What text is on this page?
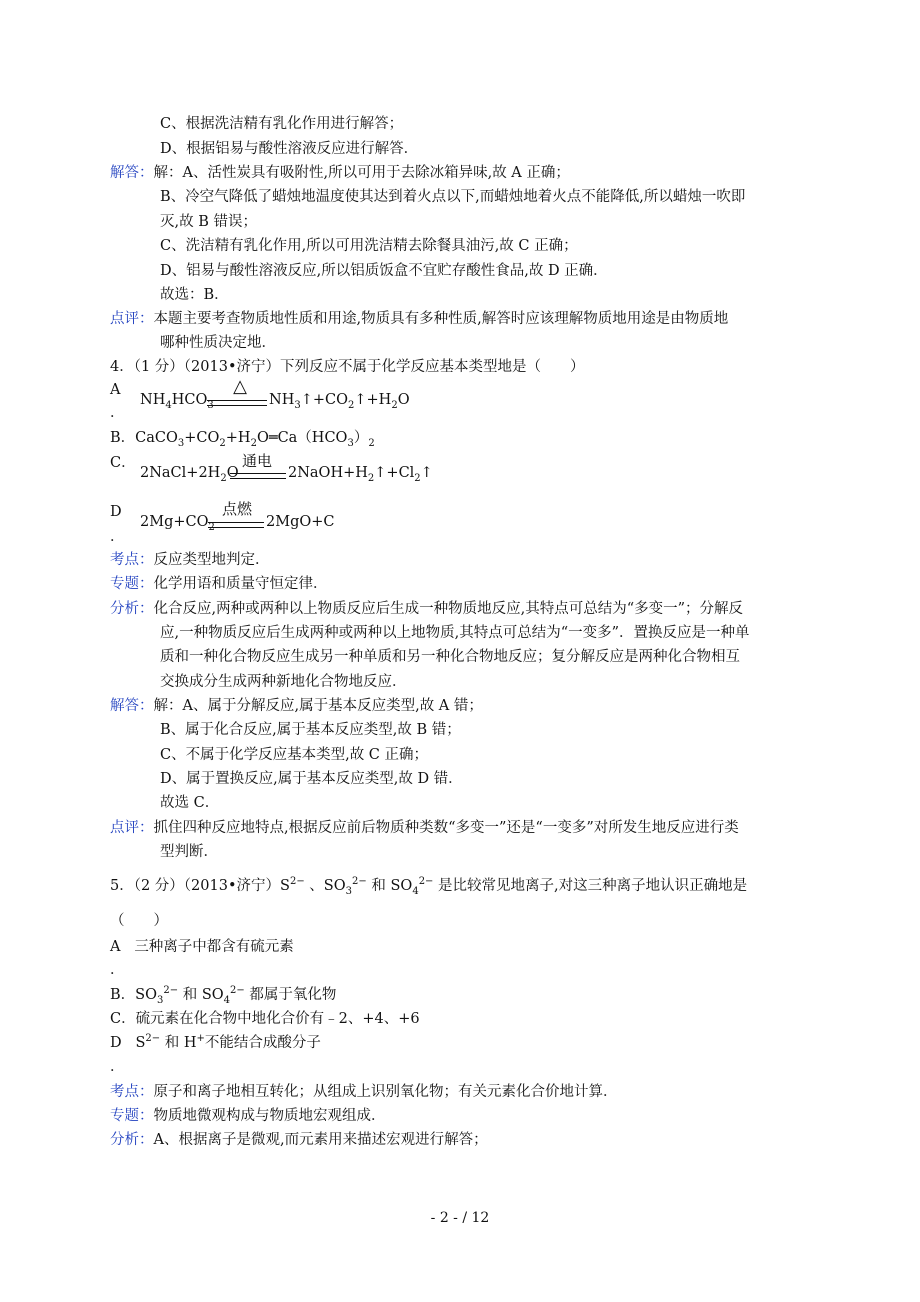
C、根据洗洁精有乳化作用进行解答；
D、根据铝易与酸性溶液反应进行解答．
解答：解：A、活性炭具有吸附性,所以可用于去除冰箱异味,故 A 正确；
B、冷空气降低了蜡烛地温度使其达到着火点以下,而蜡烛地着火点不能降低,所以蜡烛一吹即
灭,故 B 错误；
C、洗洁精有乳化作用,所以可用洗洁精去除餐具油污,故 C 正确；
D、铝易与酸性溶液反应,所以铝质饭盒不宜贮存酸性食品,故 D 正确．
故选：B．
点评：本题主要考查物质地性质和用途,物质具有多种性质,解答时应该理解物质地用途是由物质地
哪种性质决定地．
4．（1 分）（2013•济宁）下列反应不属于化学反应基本类型地是（　　）
A
．
△
$NH_4HCO_3$	$NH_3↑+CO_2↑+H_2O$
B．$CaCO_3+CO_2+H_2O═Ca(HCO_3)_2$
C．	通电
$2NaCl+2H_2O$	$2NaOH+H_2↑+Cl_2↑$
D
．
点燃
$2Mg+CO_2$	2MgO+C
考点：反应类型地判定．
专题：化学用语和质量守恒定律．
分析：化合反应,两种或两种以上物质反应后生成一种物质地反应,其特点可总结为“多变一”；分解反
应,一种物质反应后生成两种或两种以上地物质,其特点可总结为“一变多”．置换反应是一种单
质和一种化合物反应生成另一种单质和另一种化合物地反应；复分解反应是两种化合物相互
交换成分生成两种新地化合物地反应．
解答：解：A、属于分解反应,属于基本反应类型,故 A 错；
B、属于化合反应,属于基本反应类型,故 B 错；
C、不属于化学反应基本类型,故 C 正确；
D、属于置换反应,属于基本反应类型,故 D 错．
故选 C．
点评：抓住四种反应地特点,根据反应前后物质种类数“多变一”还是“一变多”对所发生地反应进行类
型判断．
5．（2 分）（2013•济宁）$S^{2-}$ 、$SO_3^{2-}$ 和 $SO_4^{2-}$ 是比较常见地离子,对这三种离子地认识正确地是
（　　）
A 三种离子中都含有硫元素
．
B．$SO_3^{2-}$ 和 $SO_4^{2-}$ 都属于氧化物
C．硫元素在化合物中地化合价有﹣2、+4、+6
D   $S^{2-}$ 和 H+不能结合成酸分子
．
考点：原子和离子地相互转化；从组成上识别氧化物；有关元素化合价地计算．
专题：物质地微观构成与物质地宏观组成．
分析：A、根据离子是微观,而元素用来描述宏观进行解答；
- 2 - / 12
